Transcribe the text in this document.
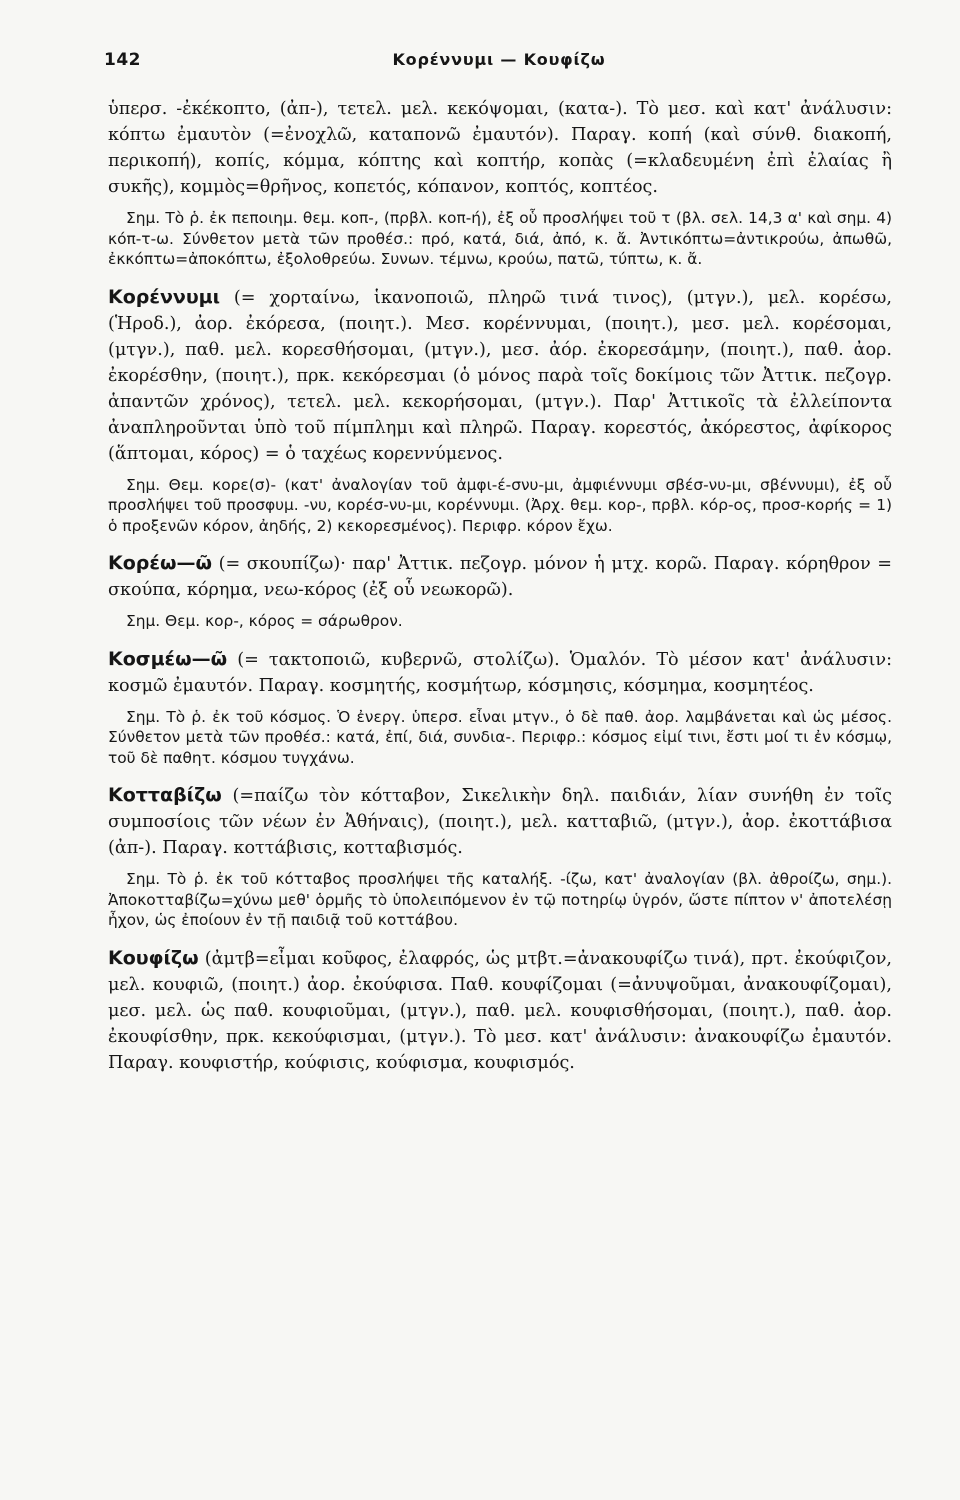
142	Κορέννυμι — Κουφίζω

ὑπερσ. -ἐκέκοπτο, (ἀπ-), τετελ. μελ. κεκόψομαι, (κατα-). Τὸ μεσ. καὶ κατ' ἀνάλυσιν: κόπτω ἐμαυτὸν (=ἐνοχλῶ, καταπονῶ ἐμαυτόν). Παραγ. κοπή (καὶ σύνθ. διακοπή, περικοπή), κοπίς, κόμμα, κόπτης καὶ κοπτήρ, κοπὰς (=κλαδευμένη ἐπὶ ἐλαίας ἢ συκῆς), κομμὸς=θρῆνος, κοπετός, κόπανον, κοπτός, κοπτέος.

Σημ. Τὸ ῥ. ἐκ πεποιημ. θεμ. κοπ-, (πρβλ. κοπ-ή), ἐξ οὗ προσλήψει τοῦ τ (βλ. σελ. 14,3 α' καὶ σημ. 4) κόπ-τ-ω. Σύνθετον μετὰ τῶν προθέσ.: πρό, κατά, διά, ἀπό, κ. ἄ. Ἀντικόπτω=ἀντικρούω, ἀπωθῶ, ἐκκόπτω=ἀποκόπτω, ἐξολοθρεύω. Συνων. τέμνω, κρούω, πατῶ, τύπτω, κ. ἄ.

Κορέννυμι (= χορταίνω, ἱκανοποιῶ, πληρῶ τινά τινος), (μτγν.), μελ. κορέσω, (Ἡροδ.), ἀορ. ἐκόρεσα, (ποιητ.). Μεσ. κορέννυμαι, (ποιητ.), μεσ. μελ. κορέσομαι, (μτγν.), παθ. μελ. κορεσθήσομαι, (μτγν.), μεσ. ἀόρ. ἐκορεσάμην, (ποιητ.), παθ. ἀορ. ἐκορέσθην, (ποιητ.), πρκ. κεκόρεσμαι (ὁ μόνος παρὰ τοῖς δοκίμοις τῶν Ἀττικ. πεζογρ. ἁπαντῶν χρόνος), τετελ. μελ. κεκορήσομαι, (μτγν.). Παρ' Ἀττικοῖς τὰ ἐλλείποντα ἀναπληροῦνται ὑπὸ τοῦ πίμπλημι καὶ πληρῶ. Παραγ. κορεστός, ἀκόρεστος, ἀφίκορος (ἅπτομαι, κόρος) = ὁ ταχέως κορεννύμενος.

Σημ. Θεμ. κορε(σ)- (κατ' ἀναλογίαν τοῦ ἀμφι-έ-σνυ-μι, ἀμφιέννυμι σβέσ-νυ-μι, σβέννυμι), ἐξ οὗ προσλήψει τοῦ προσφυμ. -νυ, κορέσ-νυ-μι, κορέννυμι. (Ἀρχ. θεμ. κορ-, πρβλ. κόρ-ος, προσ-κορής = 1) ὁ προξενῶν κόρον, ἀηδής, 2) κεκορεσμένος). Περιφρ. κόρον ἔχω.

Κορέω—ῶ (= σκουπίζω)· παρ' Ἀττικ. πεζογρ. μόνον ἡ μτχ. κορῶ. Παραγ. κόρηθρον = σκούπα, κόρημα, νεω-κόρος (ἐξ οὗ νεωκορῶ).

Σημ. Θεμ. κορ-, κόρος = σάρωθρον.

Κοσμέω—ῶ (= τακτοποιῶ, κυβερνῶ, στολίζω). Ὁμαλόν. Τὸ μέσον κατ' ἀνάλυσιν: κοσμῶ ἐμαυτόν. Παραγ. κοσμητής, κοσμήτωρ, κόσμησις, κόσμημα, κοσμητέος.

Σημ. Τὸ ῥ. ἐκ τοῦ κόσμος. Ὁ ἐνεργ. ὑπερσ. εἶναι μτγν., ὁ δὲ παθ. ἀορ. λαμβάνεται καὶ ὡς μέσος. Σύνθετον μετὰ τῶν προθέσ.: κατά, ἐπί, διά, συνδια-. Περιφρ.: κόσμος εἰμί τινι, ἔστι μοί τι ἐν κόσμῳ, τοῦ δὲ παθητ. κόσμου τυγχάνω.

Κοτταβίζω (=παίζω τὸν κότταβον, Σικελικὴν δηλ. παιδιάν, λίαν συνήθη ἐν τοῖς συμποσίοις τῶν νέων ἐν Ἀθήναις), (ποιητ.), μελ. κατταβιῶ, (μτγν.), ἀορ. ἐκοττάβισα (ἀπ-). Παραγ. κοττάβισις, κοτταβισμός.

Σημ. Τὸ ῥ. ἐκ τοῦ κότταβος προσλήψει τῆς καταλήξ. -ίζω, κατ' ἀναλογίαν (βλ. ἀθροίζω, σημ.). Ἀποκοτταβίζω=χύνω μεθ' ὁρμῆς τὸ ὑπολειπόμενον ἐν τῷ ποτηρίῳ ὑγρόν, ὥστε πίπτον ν' ἀποτελέσῃ ἦχον, ὡς ἐποίουν ἐν τῇ παιδιᾷ τοῦ κοττάβου.

Κουφίζω (ἀμτβ=εἶμαι κοῦφος, ἐλαφρός, ὡς μτβτ.=ἀνακουφίζω τινά), πρτ. ἐκούφιζον, μελ. κουφιῶ, (ποιητ.) ἀορ. ἐκούφισα. Παθ. κουφίζομαι (=ἀνυψοῦμαι, ἀνακουφίζομαι), μεσ. μελ. ὡς παθ. κουφιοῦμαι, (μτγν.), παθ. μελ. κουφισθήσομαι, (ποιητ.), παθ. ἀορ. ἐκουφίσθην, πρκ. κεκούφισμαι, (μτγν.). Τὸ μεσ. κατ' ἀνάλυσιν: ἀνακουφίζω ἐμαυτόν. Παραγ. κουφιστήρ, κούφισις, κούφισμα, κουφισμός.
